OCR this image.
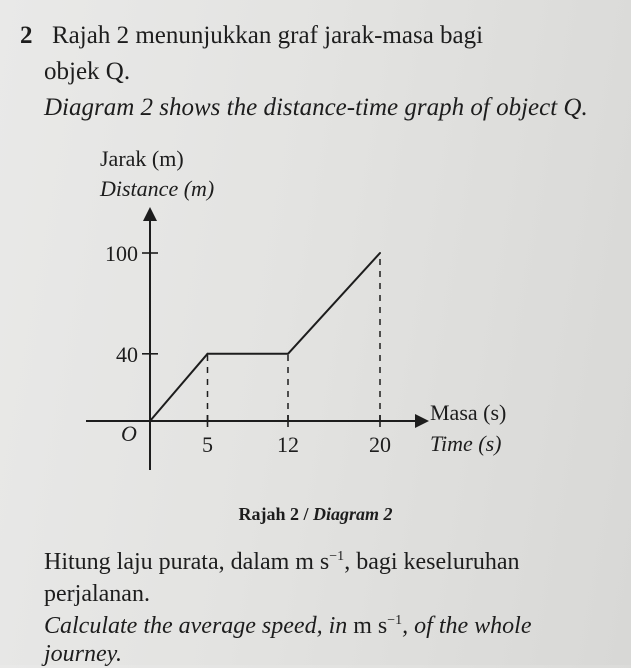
2 Rajah 2 menunjukkan graf jarak-masa bagi

objek Q.

Diagram 2 shows the distance-time graph of object Q.

Jarak (m)
Distance (m)
Masa (s)
Time (s)
O	5	12	20
40
100

Rajah 2 / Diagram 2

Hitung laju purata, dalam m $s^{-1}$, bagi keseluruhan

perjalanan.

Calculate the average speed, in m $s^{-1}$, of the whole

journey.
